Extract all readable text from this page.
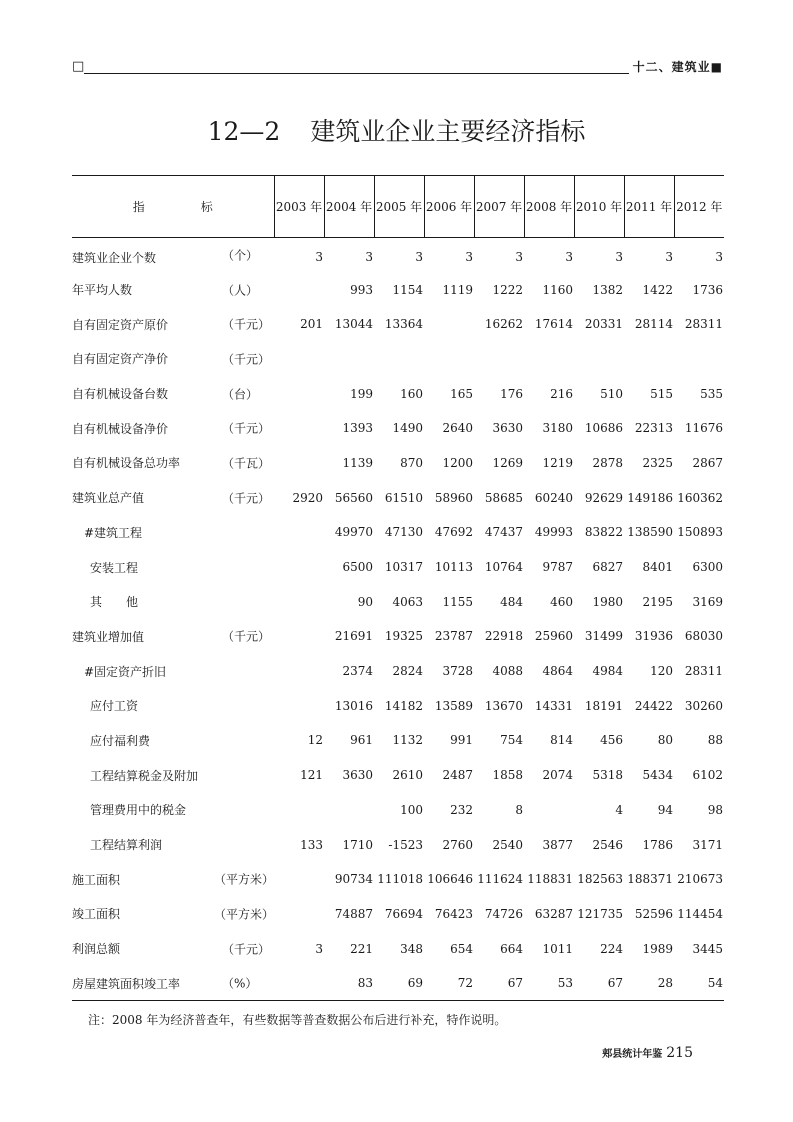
□	十二、建筑业■
12—2 建筑业企业主要经济指标
指 标	2003 年	2004 年	2005 年	2006 年	2007 年	2008 年	2010 年	2011 年	2012 年
建筑业企业个数 （个）	3	3	3	3	3	3	3	3	3
年平均人数 （人）		993	1154	1119	1222	1160	1382	1422	1736
自有固定资产原价 （千元）	201	13044	13364		16262	17614	20331	28114	28311
自有固定资产净价 （千元）									

自有机械设备台数 （台）		199	160	165	176	216	510	515	535
自有机械设备净价 （千元）		1393	1490	2640	3630	3180	10686	22313	11676
自有机械设备总功率 （千瓦）		1139	870	1200	1269	1219	2878	2325	2867
建筑业总产值 （千元）	2920	56560	61510	58960	58685	60240	92629	149186	160362
#建筑工程		49970	47130	47692	47437	49993	83822	138590	150893
安装工程		6500	10317	10113	10764	9787	6827	8401	6300
其　　他		90	4063	1155	484	460	1980	2195	3169
建筑业增加值 （千元）		21691	19325	23787	22918	25960	31499	31936	68030
#固定资产折旧		2374	2824	3728	4088	4864	4984	120	28311
应付工资		13016	14182	13589	13670	14331	18191	24422	30260
应付福利费	12	961	1132	991	754	814	456	80	88
工程结算税金及附加	121	3630	2610	2487	1858	2074	5318	5434	6102
管理费用中的税金			100	232	8		4	94	98
工程结算利润	133	1710	-1523	2760	2540	3877	2546	1786	3171
施工面积 （平方米）		90734	111018	106646	111624	118831	182563	188371	210673
竣工面积 （平方米）		74887	76694	76423	74726	63287	121735	52596	114454
利润总额 （千元）	3	221	348	654	664	1011	224	1989	3445
房屋建筑面积竣工率 （%）		83	69	72	67	53	67	28	54
注：2008 年为经济普查年，有些数据等普查数据公布后进行补充，特作说明。
郏县统计年鉴 215
